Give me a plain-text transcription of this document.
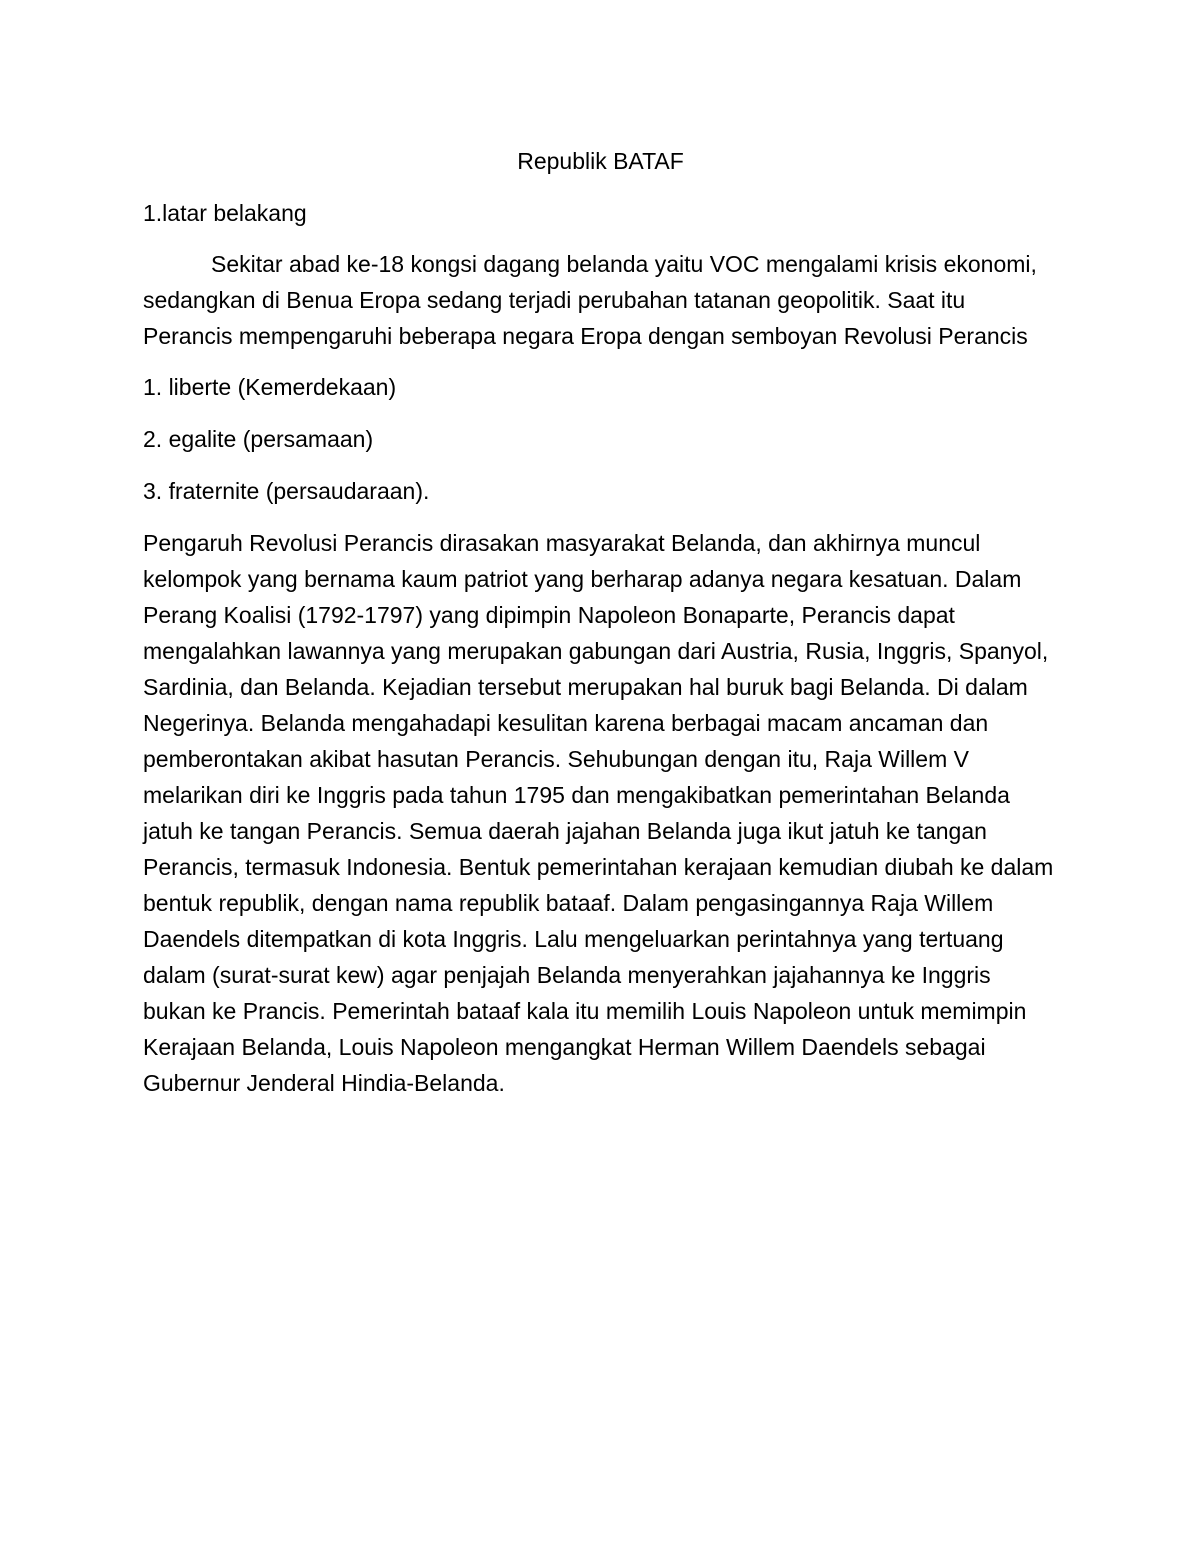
Republik BATAF
1.latar belakang
Sekitar abad ke-18 kongsi dagang belanda yaitu VOC mengalami krisis ekonomi, sedangkan di Benua Eropa sedang terjadi perubahan tatanan geopolitik. Saat itu Perancis mempengaruhi beberapa negara Eropa dengan semboyan Revolusi Perancis
1. liberte (Kemerdekaan)
2. egalite (persamaan)
3. fraternite (persaudaraan).
Pengaruh Revolusi Perancis dirasakan masyarakat Belanda, dan akhirnya muncul kelompok yang bernama kaum patriot yang berharap adanya negara kesatuan. Dalam Perang Koalisi (1792-1797) yang dipimpin Napoleon Bonaparte, Perancis dapat mengalahkan lawannya yang merupakan gabungan dari Austria, Rusia, Inggris, Spanyol, Sardinia, dan Belanda. Kejadian tersebut merupakan hal buruk bagi Belanda. Di dalam Negerinya. Belanda mengahadapi kesulitan karena berbagai macam ancaman dan pemberontakan akibat hasutan Perancis. Sehubungan dengan itu, Raja Willem V melarikan diri ke Inggris pada tahun 1795 dan mengakibatkan pemerintahan Belanda jatuh ke tangan Perancis. Semua daerah jajahan Belanda juga ikut jatuh ke tangan Perancis, termasuk Indonesia. Bentuk pemerintahan kerajaan kemudian diubah ke dalam bentuk republik, dengan nama republik bataaf. Dalam pengasingannya Raja Willem Daendels ditempatkan di kota Inggris. Lalu mengeluarkan perintahnya yang tertuang dalam (surat-surat kew) agar penjajah Belanda menyerahkan jajahannya ke Inggris bukan ke Prancis. Pemerintah bataaf kala itu memilih Louis Napoleon untuk memimpin Kerajaan Belanda, Louis Napoleon mengangkat Herman Willem Daendels sebagai Gubernur Jenderal Hindia-Belanda.
